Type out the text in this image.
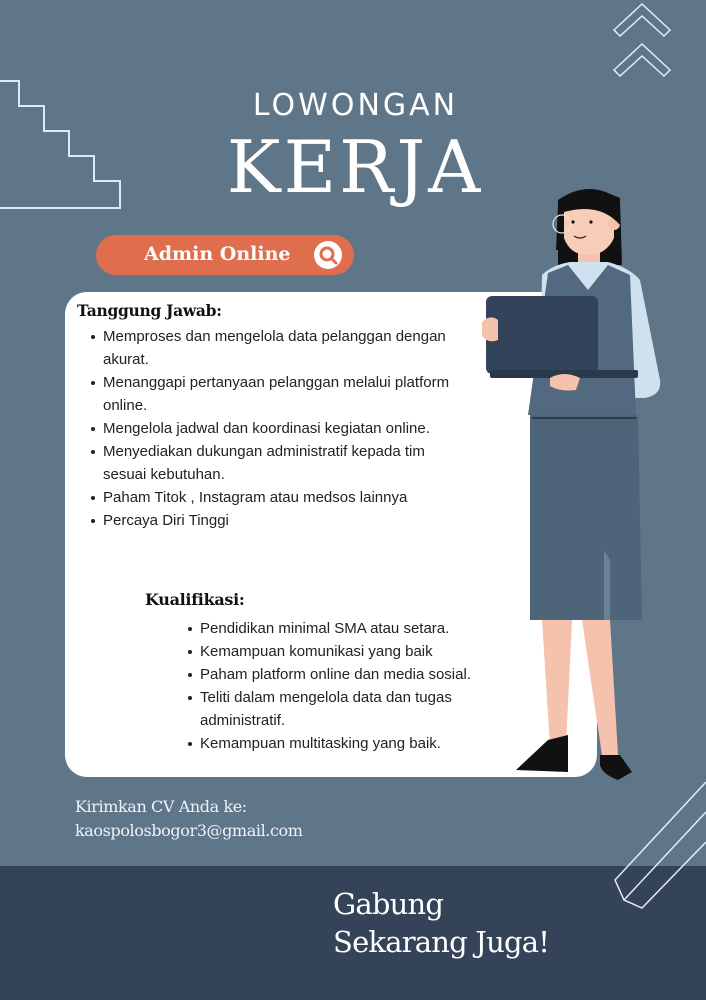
LOWONGAN
KERJA
Admin Online
Tanggung Jawab:
Memproses dan mengelola data pelanggan dengan akurat.
Menanggapi pertanyaan pelanggan melalui platform online.
Mengelola jadwal dan koordinasi kegiatan online.
Menyediakan dukungan administratif kepada tim sesuai kebutuhan.
Paham Titok , Instagram atau medsos lainnya
Percaya Diri Tinggi
Kualifikasi:
Pendidikan minimal SMA atau setara.
Kemampuan komunikasi yang baik
Paham platform online dan media sosial.
Teliti dalam mengelola data dan tugas administratif.
Kemampuan multitasking yang baik.
Kirimkan CV Anda ke:
kaospolosbogor3@gmail.com
Gabung
Sekarang Juga!
